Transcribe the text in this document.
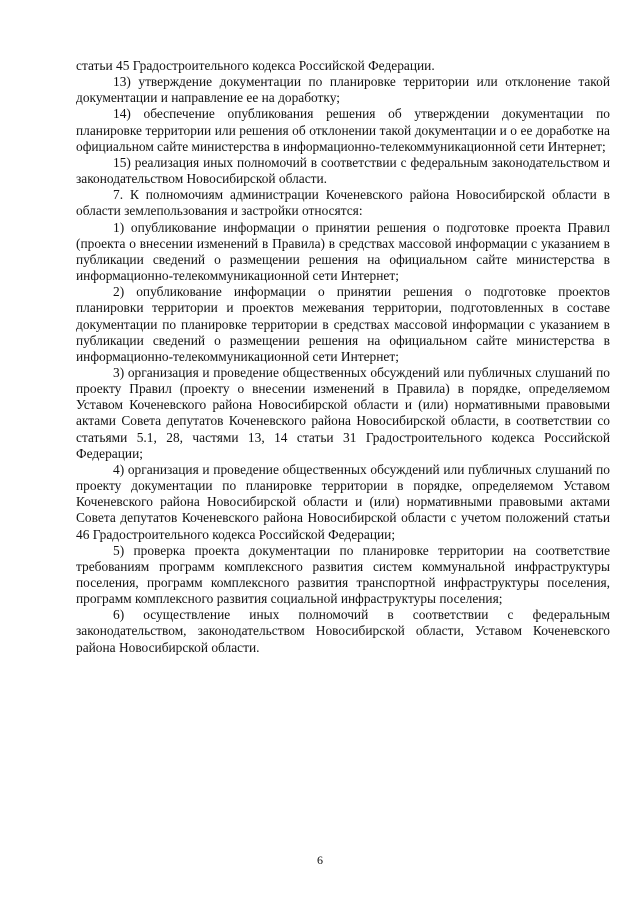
статьи 45 Градостроительного кодекса Российской Федерации.

13) утверждение документации по планировке территории или отклонение такой документации и направление ее на доработку;

14) обеспечение опубликования решения об утверждении документации по планировке территории или решения об отклонении такой документации и о ее доработке на официальном сайте министерства в информационно-телекоммуникационной сети Интернет;

15) реализация иных полномочий в соответствии с федеральным законодательством и законодательством Новосибирской области.

7. К полномочиям администрации Коченевского района Новосибирской области в области землепользования и застройки относятся:

1) опубликование информации о принятии решения о подготовке проекта Правил (проекта о внесении изменений в Правила) в средствах массовой информации с указанием в публикации сведений о размещении решения на официальном сайте министерства в информационно-телекоммуникационной сети Интернет;

2) опубликование информации о принятии решения о подготовке проектов планировки территории и проектов межевания территории, подготовленных в составе документации по планировке территории в средствах массовой информации с указанием в публикации сведений о размещении решения на официальном сайте министерства в информационно-телекоммуникационной сети Интернет;

3) организация и проведение общественных обсуждений или публичных слушаний по проекту Правил (проекту о внесении изменений в Правила) в порядке, определяемом Уставом Коченевского района Новосибирской области и (или) нормативными правовыми актами Совета депутатов Коченевского района Новосибирской области, в соответствии со статьями 5.1, 28, частями 13, 14 статьи 31 Градостроительного кодекса Российской Федерации;

4) организация и проведение общественных обсуждений или публичных слушаний по проекту документации по планировке территории в порядке, определяемом Уставом Коченевского района Новосибирской области и (или) нормативными правовыми актами Совета депутатов Коченевского района Новосибирской области с учетом положений статьи 46 Градостроительного кодекса Российской Федерации;

5) проверка проекта документации по планировке территории на соответствие требованиям программ комплексного развития систем коммунальной инфраструктуры поселения, программ комплексного развития транспортной инфраструктуры поселения, программ комплексного развития социальной инфраструктуры поселения;

6) осуществление иных полномочий в соответствии с федеральным законодательством, законодательством Новосибирской области, Уставом Коченевского района Новосибирской области.

6
